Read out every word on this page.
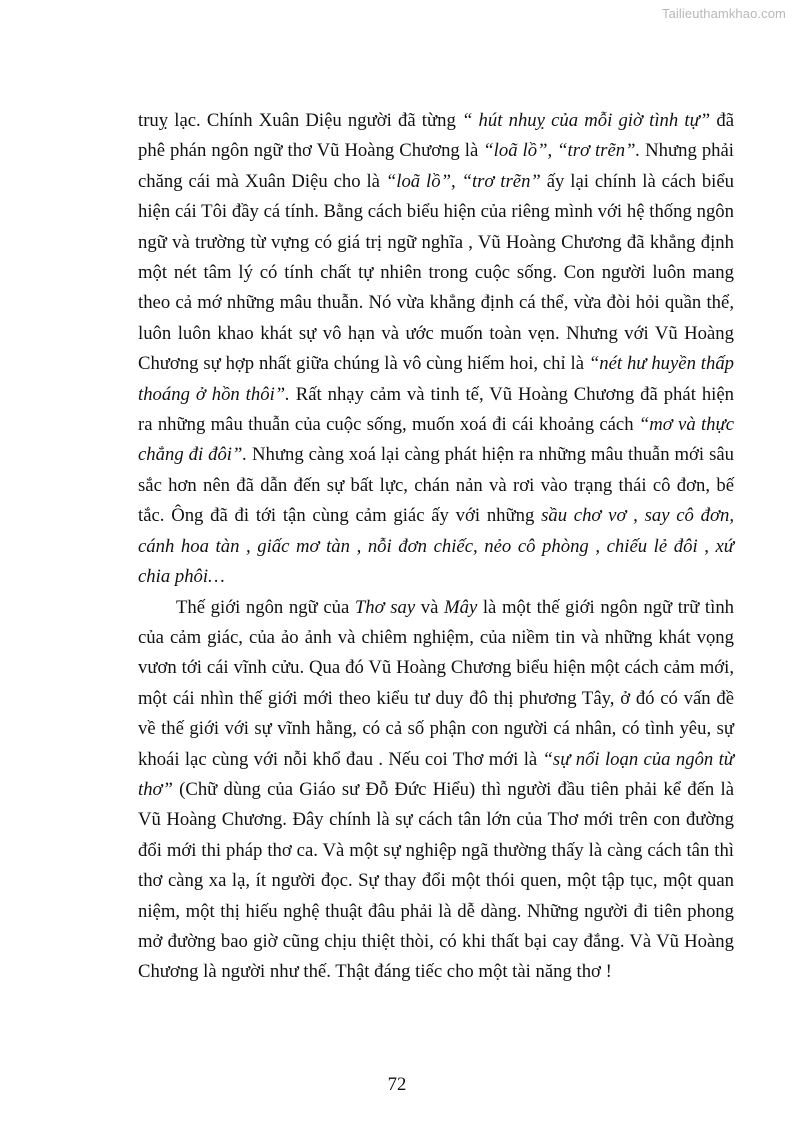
Tailieuthamkhao.com

truỵ lạc. Chính Xuân Diệu người đã từng “ hút nhuỵ của mỗi giờ tình tự” đã phê phán ngôn ngữ thơ Vũ Hoàng Chương là “loã lồ”, “trơ trẽn”. Nhưng phải chăng cái mà Xuân Diệu cho là “loã lồ”, “trơ trẽn” ấy lại chính là cách biểu hiện cái Tôi đầy cá tính. Bằng cách biểu hiện của riêng mình với hệ thống ngôn ngữ và trường từ vựng có giá trị ngữ nghĩa , Vũ Hoàng Chương đã khẳng định một nét tâm lý có tính chất tự nhiên trong cuộc sống. Con người luôn mang theo cả mớ những mâu thuẫn. Nó vừa khẳng định cá thể, vừa đòi hỏi quần thể, luôn luôn khao khát sự vô hạn và ước muốn toàn vẹn. Nhưng với Vũ Hoàng Chương sự hợp nhất giữa chúng là vô cùng hiếm hoi, chỉ là “nét hư huyền thấp thoáng ở hồn thôi”. Rất nhạy cảm và tinh tế, Vũ Hoàng Chương đã phát hiện ra những mâu thuẫn của cuộc sống, muốn xoá đi cái khoảng cách “mơ và thực chẳng đi đôi”. Nhưng càng xoá lại càng phát hiện ra những mâu thuẫn mới sâu sắc hơn nên đã dẫn đến sự bất lực, chán nản và rơi vào trạng thái cô đơn, bế tắc. Ông đã đi tới tận cùng cảm giác ấy với những sầu chơ vơ , say cô đơn, cánh hoa tàn , giấc mơ tàn , nỗi đơn chiếc, nẻo cô phòng , chiếu lẻ đôi , xứ chia phôi…

Thế giới ngôn ngữ của Thơ say và Mây là một thế giới ngôn ngữ trữ tình của cảm giác, của ảo ảnh và chiêm nghiệm, của niềm tin và những khát vọng vươn tới cái vĩnh cửu. Qua đó Vũ Hoàng Chương biểu hiện một cách cảm mới, một cái nhìn thế giới mới theo kiểu tư duy đô thị phương Tây, ở đó có vấn đề về thế giới với sự vĩnh hằng, có cả số phận con người cá nhân, có tình yêu, sự khoái lạc cùng với nỗi khổ đau . Nếu coi Thơ mới là “sự nổi loạn của ngôn từ thơ” (Chữ dùng của Giáo sư Đỗ Đức Hiểu) thì người đầu tiên phải kể đến là Vũ Hoàng Chương. Đây chính là sự cách tân lớn của Thơ mới trên con đường đổi mới thi pháp thơ ca. Và một sự nghiệp ngã thường thấy là càng cách tân thì thơ càng xa lạ, ít người đọc. Sự thay đổi một thói quen, một tập tục, một quan niệm, một thị hiếu nghệ thuật đâu phải là dễ dàng. Những người đi tiên phong mở đường bao giờ cũng chịu thiệt thòi, có khi thất bại cay đắng. Và Vũ Hoàng Chương là người như thế. Thật đáng tiếc cho một tài năng thơ !

72
